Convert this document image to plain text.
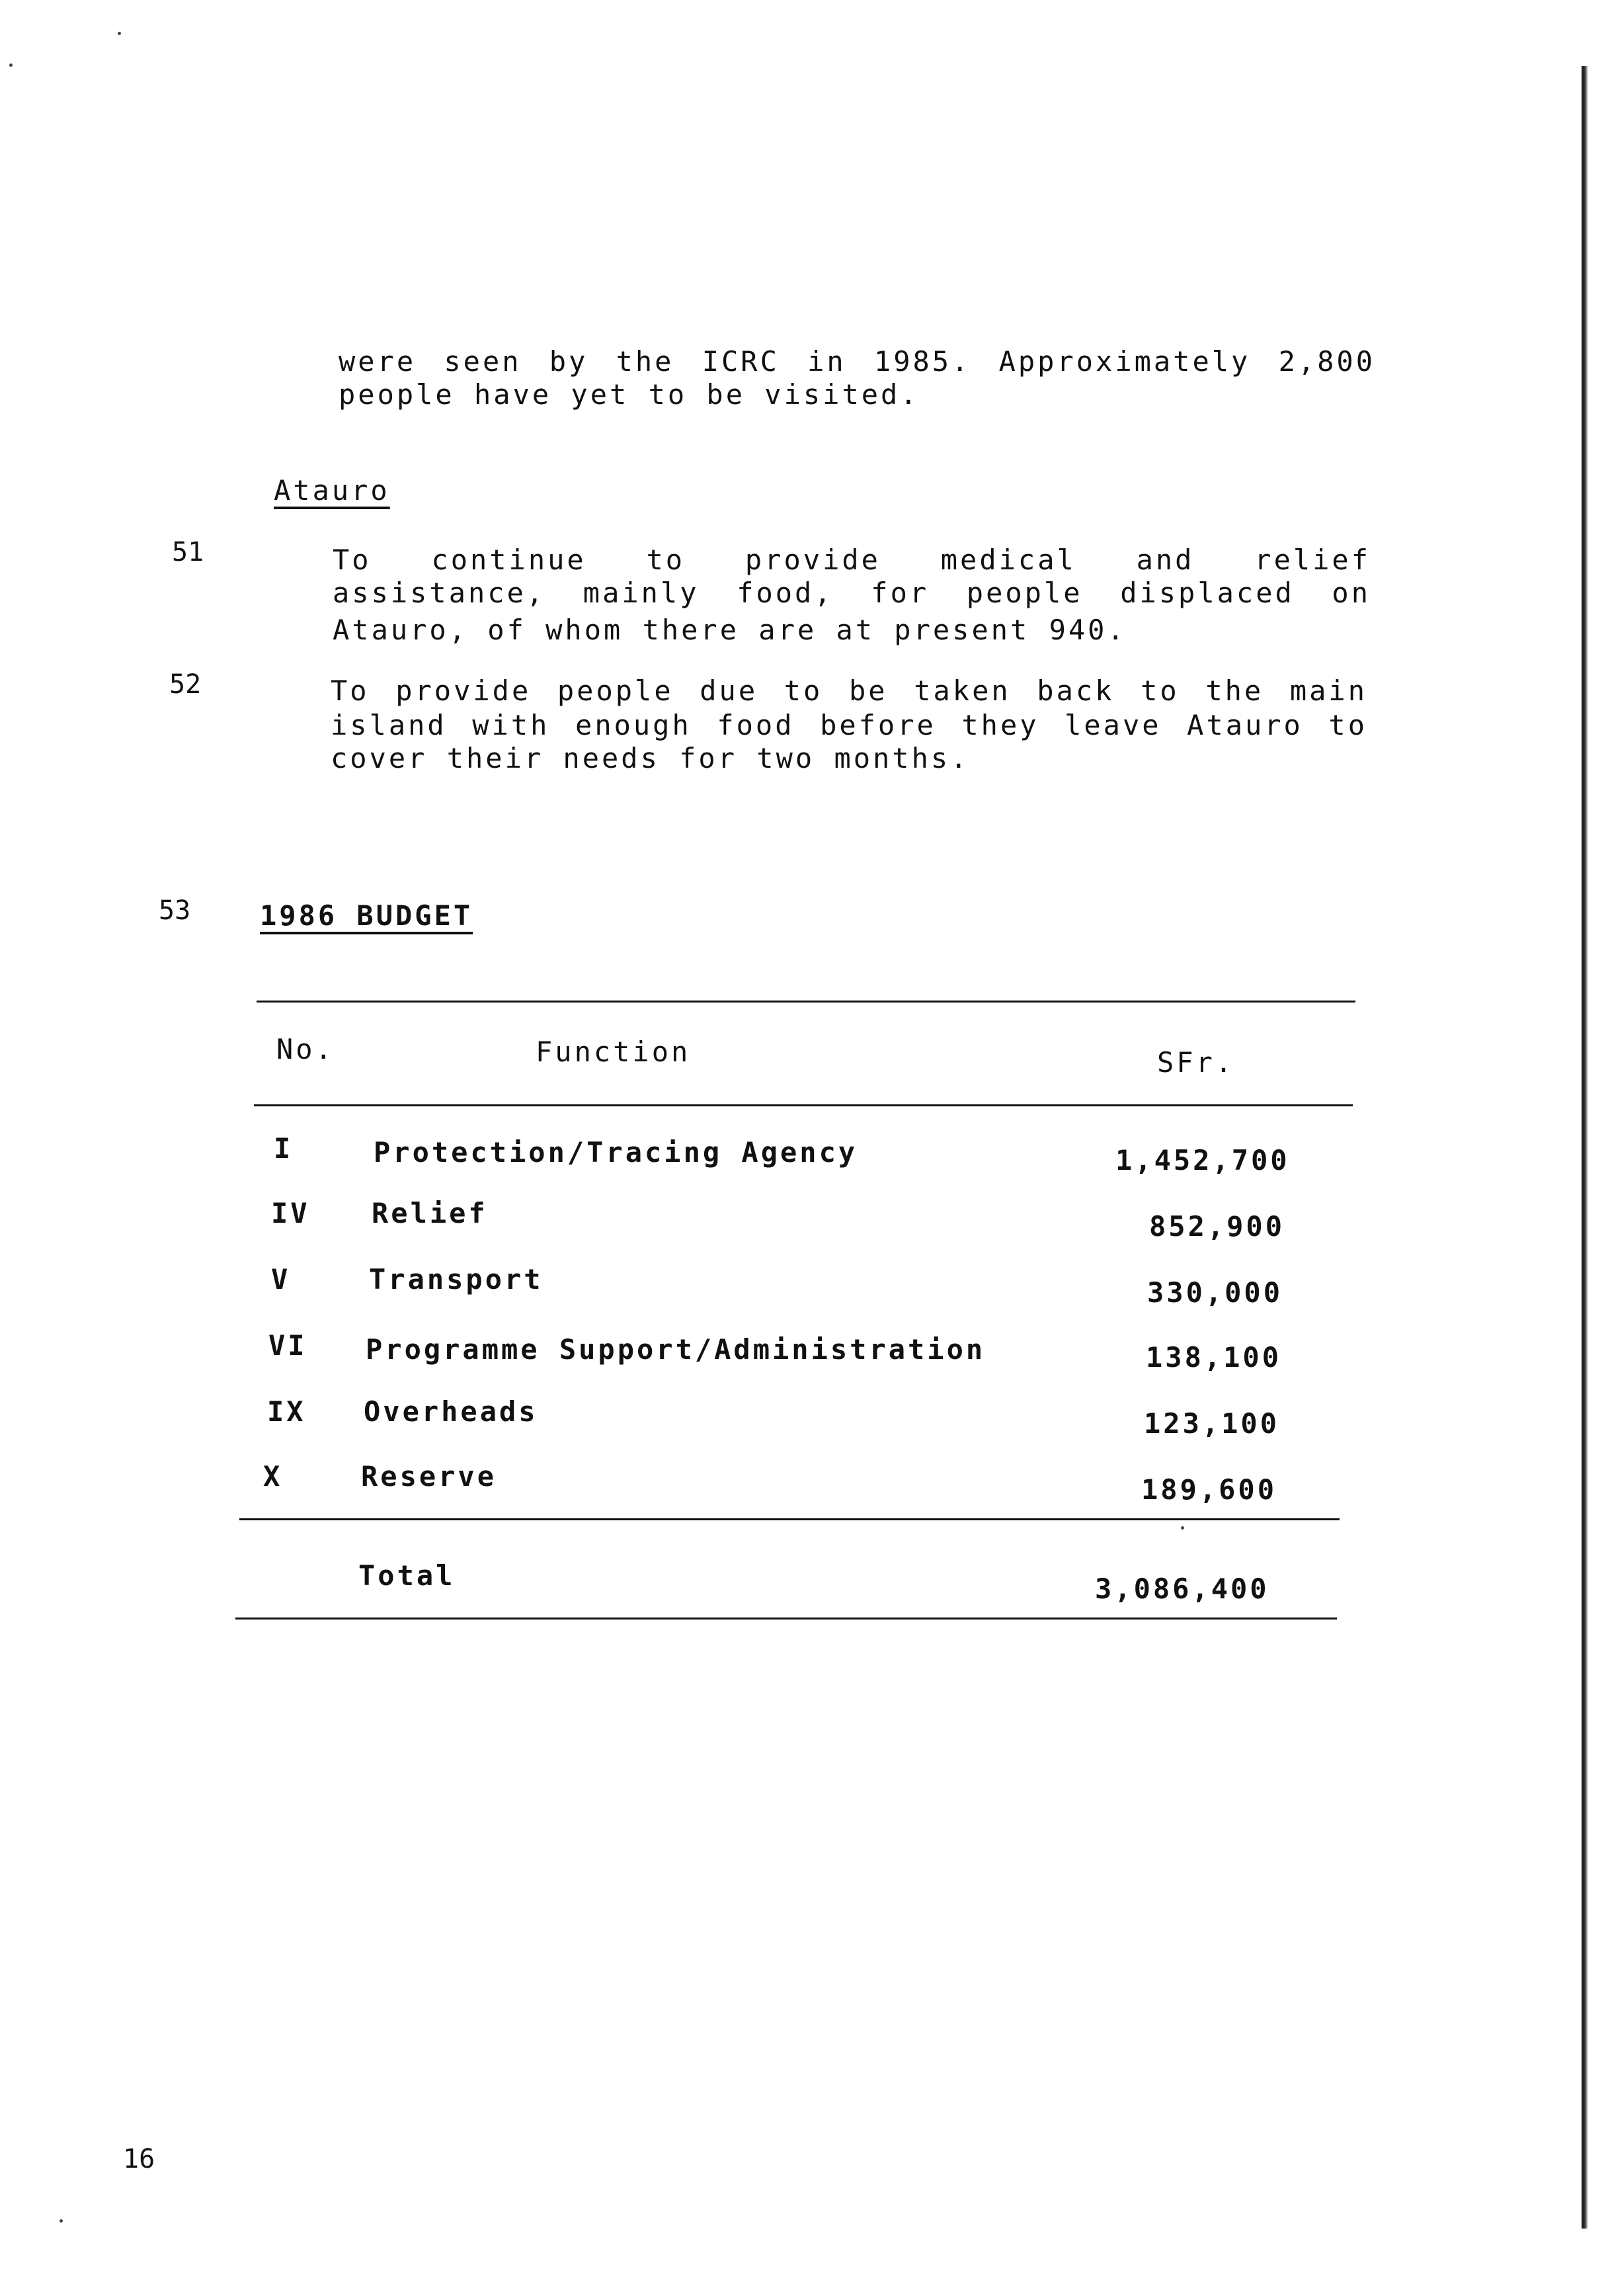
were seen by the ICRC in 1985. Approximately 2,800
people have yet to be visited.
Atauro
51	To continue to provide medical and relief
assistance, mainly food, for people displaced on
Atauro, of whom there are at present 940.
52	To provide people due to be taken back to the main
island with enough food before they leave Atauro to
cover their needs for two months.
53 1986 BUDGET
No.	Function	SFr.
I	Protection/Tracing Agency	1,452,700
IV Relief	852,900
V	Transport	330,000
VI Programme Support/Administration	138,100
IX Overheads	123,100
X	Reserve	189,600
Total	3,086,400
16
